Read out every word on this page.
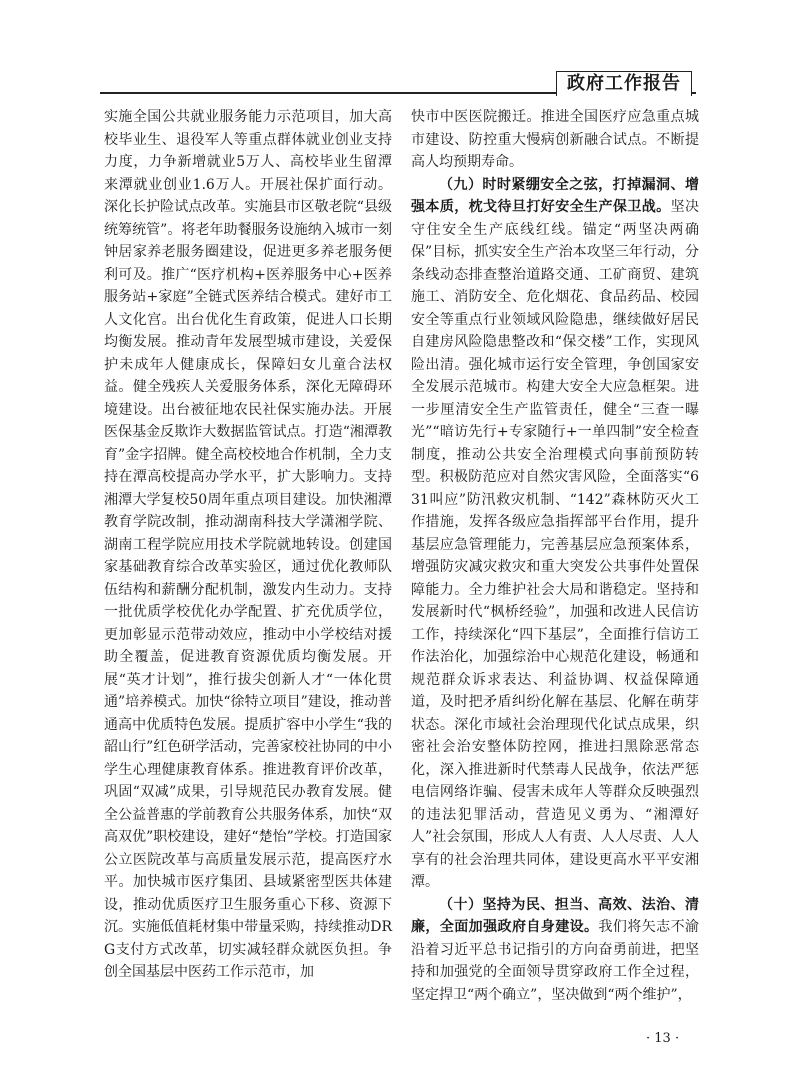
政府工作报告

实施全国公共就业服务能力示范项目，加大高校毕业生、退役军人等重点群体就业创业支持力度，力争新增就业5万人、高校毕业生留潭来潭就业创业1.6万人。开展社保扩面行动。深化长护险试点改革。实施县市区敬老院“县级统筹统管”。将老年助餐服务设施纳入城市一刻钟居家养老服务圈建设，促进更多养老服务便利可及。推广“医疗机构+医养服务中心+医养服务站+家庭”全链式医养结合模式。建好市工人文化宫。出台优化生育政策，促进人口长期均衡发展。推动青年发展型城市建设，关爱保护未成年人健康成长，保障妇女儿童合法权益。健全残疾人关爱服务体系，深化无障碍环境建设。出台被征地农民社保实施办法。开展医保基金反欺诈大数据监管试点。打造“湘潭教育”金字招牌。健全高校校地合作机制，全力支持在潭高校提高办学水平，扩大影响力。支持湘潭大学复校50周年重点项目建设。加快湘潭教育学院改制，推动湖南科技大学潇湘学院、湖南工程学院应用技术学院就地转设。创建国家基础教育综合改革实验区，通过优化教师队伍结构和薪酬分配机制，激发内生动力。支持一批优质学校优化办学配置、扩充优质学位，更加彰显示范带动效应，推动中小学校结对援助全覆盖，促进教育资源优质均衡发展。开展“英才计划”，推行拔尖创新人才“一体化贯通”培养模式。加快“徐特立项目”建设，推动普通高中优质特色发展。提质扩容中小学生“我的韶山行”红色研学活动，完善家校社协同的中小学生心理健康教育体系。推进教育评价改革，巩固“双减”成果，引导规范民办教育发展。健全公益普惠的学前教育公共服务体系，加快“双高双优”职校建设，建好“楚怡”学校。打造国家公立医院改革与高质量发展示范，提高医疗水平。加快城市医疗集团、县域紧密型医共体建设，推动优质医疗卫生服务重心下移、资源下沉。实施低值耗材集中带量采购，持续推动DRG支付方式改革，切实减轻群众就医负担。争创全国基层中医药工作示范市，加

快市中医医院搬迁。推进全国医疗应急重点城市建设、防控重大慢病创新融合试点。不断提高人均预期寿命。

（九）时时紧绷安全之弦，打掉漏洞、增强本质，枕戈待旦打好安全生产保卫战。坚决守住安全生产底线红线。锚定“两坚决两确保”目标，抓实安全生产治本攻坚三年行动，分条线动态排查整治道路交通、工矿商贸、建筑施工、消防安全、危化烟花、食品药品、校园安全等重点行业领域风险隐患，继续做好居民自建房风险隐患整改和“保交楼”工作，实现风险出清。强化城市运行安全管理，争创国家安全发展示范城市。构建大安全大应急框架。进一步厘清安全生产监管责任，健全“三查一曝光”“暗访先行+专家随行+一单四制”安全检查制度，推动公共安全治理模式向事前预防转型。积极防范应对自然灾害风险，全面落实“631叫应”防汛救灾机制、“142”森林防灭火工作措施，发挥各级应急指挥部平台作用，提升基层应急管理能力，完善基层应急预案体系，增强防灾减灾救灾和重大突发公共事件处置保障能力。全力维护社会大局和谐稳定。坚持和发展新时代“枫桥经验”，加强和改进人民信访工作，持续深化“四下基层”，全面推行信访工作法治化，加强综治中心规范化建设，畅通和规范群众诉求表达、利益协调、权益保障通道，及时把矛盾纠纷化解在基层、化解在萌芽状态。深化市域社会治理现代化试点成果，织密社会治安整体防控网，推进扫黑除恶常态化，深入推进新时代禁毒人民战争，依法严惩电信网络诈骗、侵害未成年人等群众反映强烈的违法犯罪活动，营造见义勇为、“湘潭好人”社会氛围，形成人人有责、人人尽责、人人享有的社会治理共同体，建设更高水平平安湘潭。

（十）坚持为民、担当、高效、法治、清廉，全面加强政府自身建设。我们将矢志不渝沿着习近平总书记指引的方向奋勇前进，把坚持和加强党的全面领导贯穿政府工作全过程，坚定捍卫“两个确立”，坚决做到“两个维护”，

· 13 ·
